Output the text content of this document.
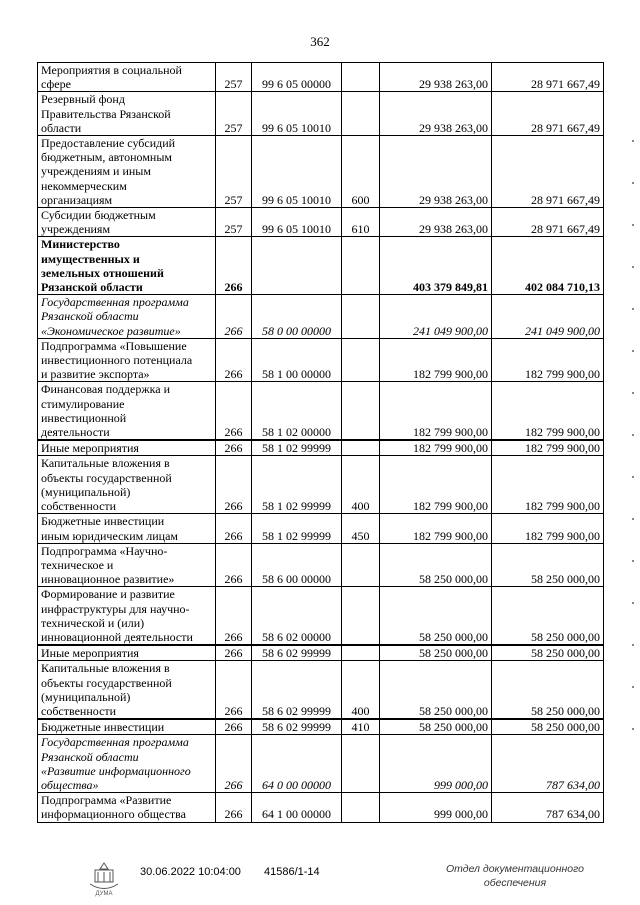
362
Мероприятия в социальной
сфере	257	99 6 05 00000		29 938 263,00	28 971 667,49

Резервный фонд
Правительства Рязанской
области	257	99 6 05 10010		29 938 263,00	28 971 667,49

Предоставление субсидий
бюджетным, автономным
учреждениям и иным
некоммерческим
организациям	257	99 6 05 10010	600	29 938 263,00	28 971 667,49

Субсидии бюджетным
учреждениям	257	99 6 05 10010	610	29 938 263,00	28 971 667,49

Министерство
имущественных и
земельных отношений
Рязанской области	266			403 379 849,81	402 084 710,13

Государственная программа
Рязанской области
«Экономическое развитие»	266	58 0 00 00000		241 049 900,00	241 049 900,00

Подпрограмма «Повышение
инвестиционного потенциала
и развитие экспорта»	266	58 1 00 00000		182 799 900,00	182 799 900,00

Финансовая поддержка и
стимулирование
инвестиционной
деятельности	266	58 1 02 00000		182 799 900,00	182 799 900,00

Иные мероприятия	266	58 1 02 99999		182 799 900,00	182 799 900,00

Капитальные вложения в
объекты государственной
(муниципальной)
собственности	266	58 1 02 99999	400	182 799 900,00	182 799 900,00

Бюджетные инвестиции
иным юридическим лицам	266	58 1 02 99999	450	182 799 900,00	182 799 900,00

Подпрограмма «Научно-
техническое и
инновационное развитие»	266	58 6 00 00000		58 250 000,00	58 250 000,00

Формирование и развитие
инфраструктуры для научно-
технической и (или)
инновационной деятельности	266	58 6 02 00000		58 250 000,00	58 250 000,00

Иные мероприятия	266	58 6 02 99999		58 250 000,00	58 250 000,00

Капитальные вложения в
объекты государственной
(муниципальной)
собственности	266	58 6 02 99999	400	58 250 000,00	58 250 000,00

Бюджетные инвестиции	266	58 6 02 99999	410	58 250 000,00	58 250 000,00

Государственная программа
Рязанской области
«Развитие информационного
общества»	266	64 0 00 00000		999 000,00	787 634,00

Подпрограмма «Развитие
информационного общества	266	64 1 00 00000		999 000,00	787 634,00
ДУМА
30.06.2022 10:04:00 41586/1-14	Отдел документационного
обеспечения
